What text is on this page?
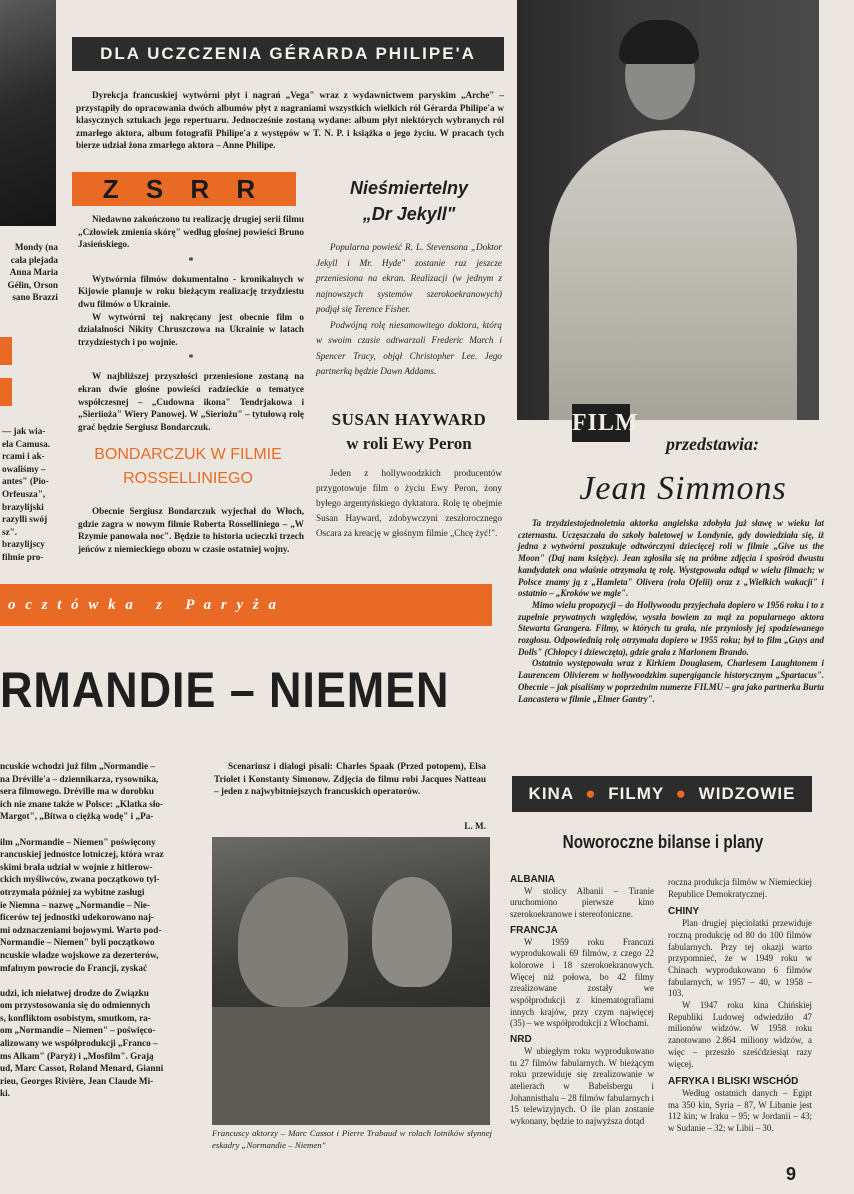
Mondy (na
cała plejada
Anna Maria
Gélin, Orson
sano Brazzi
— jak wia-
ela Camusa.
rcami i ak-
owaliśmy –
antes" (Pio-
Orfeusza",
brazylijski
razylli swój
sz".
brazylijscy
filmie pro-
DLA UCZCZENIA GÉRARDA PHILIPE'A

Dyrekcja francuskiej wytwórni płyt i nagrań „Vega" wraz z wydawnictwem paryskim „Arche" – przystąpiły do opracowania dwóch albumów płyt z nagraniami wszystkich wielkich ról Gérarda Philipe'a w klasycznych sztukach jego repertuaru. Jednocześnie zostaną wydane: album płyt niektórych wybranych ról zmarłego aktora, album fotografii Philipe'a z występów w T. N. P. i książka o jego życiu. W pracach tych bierze udział żona zmarłego aktora – Anne Philipe.

Z S R R

Niedawno zakończono tu realizację drugiej serii filmu „Człowiek zmienia skórę" według głośnej powieści Bruno Jasieńskiego.

*

Wytwórnia filmów dokumentalno - kronikalnych w Kijowie planuje w roku bieżącym realizację trzydziestu dwu filmów o Ukrainie.

W wytwórni tej nakręcany jest obecnie film o działalności Nikity Chruszczowa na Ukrainie w latach trzydziestych i po wojnie.

*

W najbliższej przyszłości przeniesione zostaną na ekran dwie głośne powieści radzieckie o tematyce współczesnej – „Cudowna ikona" Tendrjakowa i „Sieriioża" Wiery Panowej. W „Sieriożu" – tytułową rolę grać będzie Sergiusz Bondarczuk.

BONDARCZUK W FILMIE
ROSSELLINIEGO

Obecnie Sergiusz Bondarczuk wyjechał do Włoch, gdzie zagra w nowym filmie Roberta Rosselliniego – „W Rzymie panowała noc". Będzie to historia ucieczki trzech jeńców z niemieckiego obozu w czasie ostatniej wojny.

Nieśmiertelny
„Dr Jekyll"

Popularna powieść R. L. Stevensona „Doktor Jekyll i Mr. Hyde" zostanie raz jeszcze przeniesiona na ekran. Realizacji (w jednym z najnowszych systemów szerokoekranowych) podjął się Terence Fisher.

Podwójną rolę niesamowitego doktora, którą w swoim czasie odtwarzali Frederic March i Spencer Tracy, objął Christopher Lee. Jego partnerką będzie Dawn Addams.

SUSAN HAYWARD
w roli Ewy Peron

Jeden z hollywoodzkich producentów przygotowuje film o życiu Ewy Peron, żony byłego argentyńskiego dyktatora. Rolę tę obejmie Susan Hayward, zdobywczyni zeszłorocznego Oscara za kreację w głośnym filmie „Chcę żyć!".

FILM
przedstawia:
Jean Simmons

Ta trzydziestojednoletnia aktorka angielska zdobyła już sławę w wieku lat czternastu. Uczęszczała do szkoły baletowej w Londynie, gdy dowiedziała się, iż jedna z wytwórni poszukuje odtwórczyni dziecięcej roli w filmie „Give us the Moon" (Daj nam księżyc). Jean zgłosiła się na próbne zdjęcia i spośród dwustu kandydatek ona właśnie otrzymała tę rolę. Występowała odtąd w wielu filmach; w Polsce znamy ją z „Hamleta" Olivera (rola Ofelii) oraz z „Wielkich wakacji" i ostatnio – „Kroków we mgle".

Mimo wielu propozycji – do Hollywoodu przyjechała dopiero w 1956 roku i to z zupełnie prywatnych względów, wyszła bowiem za mąż za popularnego aktora Stewarta Grangera. Filmy, w których tu grała, nie przyniosły jej spodziewanego rozgłosu. Odpowiednią rolę otrzymała dopiero w 1955 roku; był to film „Guys and Dolls" (Chłopcy i dziewczęta), gdzie grała z Marlonem Brando.

Ostatnio występowała wraz z Kirkiem Douglasem, Charlesem Laughtonem i Laurencem Olivierem w hollywoodzkim supergigancie historycznym „Spartacus". Obecnie – jak pisaliśmy w poprzednim numerze FILMU – gra jako partnerka Burta Lancastera w filmie „Elmer Gantry".

o c z t ó w k a   z   P a r y ż a
RMANDIE – NIEMEN
ncuskie wchodzi już film „Normandie –
na Dréville'a – dziennikarza, rysownika,
sera filmowego. Dréville ma w dorobku
ich nie znane także w Polsce: „Klatka sło-
Margot", „Bitwa o ciężką wodę" i „Pa-
ilm „Normandie – Niemen" poświęcony
rancuskiej jednostce lotniczej, która wraz
skimi brała udział w wojnie z hitlerow-
ckich myśliwców, zwana początkowo tyl-
otrzymała później za wybitne zasługi
ie Niemna – nazwę „Normandie – Nie-
ficerów tej jednostki udekorowano naj-
mi odznaczeniami bojowymi. Warto pod-
Normandie – Niemen" byli początkowo
ncuskie władze wojskowe za dezerterów,
mfalnym powrocie do Francji, zyskać
udzi, ich niełatwej drodze do Związku
om przystosowania się do odmiennych
s, konfliktom osobistym, smutkom, ra-
om „Normandie – Niemen" – poświęco-
alizowany we współprodukcji „Franco –
ms Alkam" (Paryż) i „Mosfilm". Grają
ud, Marc Cassot, Roland Menard, Gianni
rieu, Georges Rivière, Jean Claude Mi-
ki.

Scenariusz i dialogi pisali: Charles Spaak (Przed potopem), Elsa Triolet i Konstanty Simonow. Zdjęcia do filmu robi Jacques Natteau – jeden z najwybitniejszych francuskich operatorów.

L. M.

Francuscy aktorzy – Marc Cassot i Pierre Trabaud w rolach lotników słynnej eskadry „Normandie – Niemen"

KINA ● FILMY ● WIDZOWIE
Noworoczne bilanse i plany
ALBANIA

W stolicy Albanii – Tiranie uruchomiono pierwsze kino szerokoekranowe i stereofoniczne.

FRANCJA

W 1959 roku Francuzi wyprodukowali 69 filmów, z czego 22 kolorowe i 18 szerokoekranowych. Więcej niż połowa, bo 42 filmy zrealizowane zostały we współprodukcji z kinematografiami innych krajów, przy czym najwięcej (35) – we współprodukcji z Włochami.

NRD

W ubiegłym roku wyprodukowano tu 27 filmów fabularnych. W bieżącym roku przewiduje się zrealizowanie w atelierach w Babelsbergu i Johannisthalu – 28 filmów fabularnych i 15 telewizyjnych. O ile plan zostanie wykonany, będzie to najwyższa dotąd

roczna produkcja filmów w Niemieckiej Republice Demokratycznej.

CHINY

Plan drugiej pięciolatki przewiduje roczną produkcję od 80 do 100 filmów fabularnych. Przy tej okazji warto przypomnieć, że w 1949 roku w Chinach wyprodukowano 6 filmów fabularnych, w 1957 – 40, w 1958 – 103.

W 1947 roku kina Chińskiej Republiki Ludowej odwiedziło 47 milionów widzów. W 1958 roku zanotowano 2.864 miliony widzów, a więc – przeszło sześćdziesiąt razy więcej.

AFRYKA I BLISKI WSCHÓD

Według ostatnich danych – Egipt ma 350 kin, Syria – 87, W Libanie jest 112 kin; w Iraku – 95; w Jordanii – 43; w Sudanie – 32; w Libii – 30.

9
